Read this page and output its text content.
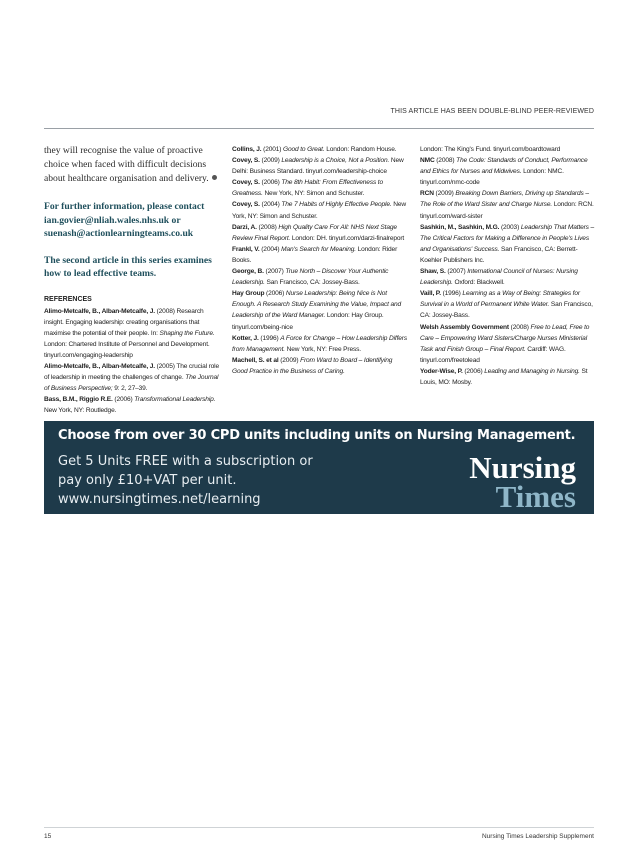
THIS ARTICLE HAS BEEN DOUBLE-BLIND PEER-REVIEWED

they will recognise the value of proactive choice when faced with difficult decisions about healthcare organisation and delivery.

For further information, please contact ian.govier@nliah.wales.nhs.uk or suenash@actionlearningteams.co.uk

The second article in this series examines how to lead effective teams.

REFERENCES

Alimo-Metcalfe, B., Alban-Metcalfe, J. (2008) Research insight. Engaging leadership: creating organisations that maximise the potential of their people. In: Shaping the Future. London: Chartered Institute of Personnel and Development. tinyurl.com/engaging-leadership

Alimo-Metcalfe, B., Alban-Metcalfe, J. (2005) The crucial role of leadership in meeting the challenges of change. The Journal of Business Perspective; 9: 2, 27–39.

Bass, B.M., Riggio R.E. (2006) Transformational Leadership. New York, NY: Routledge.

Collins, J. (2001) Good to Great. London: Random House.

Covey, S. (2009) Leadership is a Choice, Not a Position. New Delhi: Business Standard. tinyurl.com/leadership-choice

Covey, S. (2006) The 8th Habit: From Effectiveness to Greatness. New York, NY: Simon and Schuster.

Covey, S. (2004) The 7 Habits of Highly Effective People. New York, NY: Simon and Schuster.

Darzi, A. (2008) High Quality Care For All: NHS Next Stage Review Final Report. London: DH. tinyurl.com/darzi-finalreport

Frankl, V. (2004) Man's Search for Meaning. London: Rider Books.

George, B. (2007) True North – Discover Your Authentic Leadership. San Francisco, CA: Jossey-Bass.

Hay Group (2006) Nurse Leadership: Being Nice is Not Enough. A Research Study Examining the Value, Impact and Leadership of the Ward Manager. London: Hay Group. tinyurl.com/being-nice

Kotter, J. (1996) A Force for Change – How Leadership Differs from Management. New York, NY: Free Press.

Machell, S. et al (2009) From Ward to Board – Identifying Good Practice in the Business of Caring.

London: The King's Fund. tinyurl.com/boardtoward

NMC (2008) The Code: Standards of Conduct, Performance and Ethics for Nurses and Midwives. London: NMC. tinyurl.com/nmc-code

RCN (2009) Breaking Down Barriers, Driving up Standards – The Role of the Ward Sister and Charge Nurse. London: RCN. tinyurl.com/ward-sister

Sashkin, M., Sashkin, M.G. (2003) Leadership That Matters – The Critical Factors for Making a Difference in People's Lives and Organisations' Success. San Francisco, CA: Berrett-Koehler Publishers Inc.

Shaw, S. (2007) International Council of Nurses: Nursing Leadership. Oxford: Blackwell.

Vaill, P. (1996) Learning as a Way of Being: Strategies for Survival in a World of Permanent White Water. San Francisco, CA: Jossey-Bass.

Welsh Assembly Government (2008) Free to Lead, Free to Care – Empowering Ward Sisters/Charge Nurses Ministerial Task and Finish Group – Final Report. Cardiff: WAG. tinyurl.com/freetolead

Yoder-Wise, P. (2006) Leading and Managing in Nursing. St Louis, MO: Mosby.

Choose from over 30 CPD units including units on Nursing Management.
Get 5 Units FREE with a subscription or
pay only £10+VAT per unit.
www.nursingtimes.net/learning
Nursing
Times
15	Nursing Times Leadership Supplement
